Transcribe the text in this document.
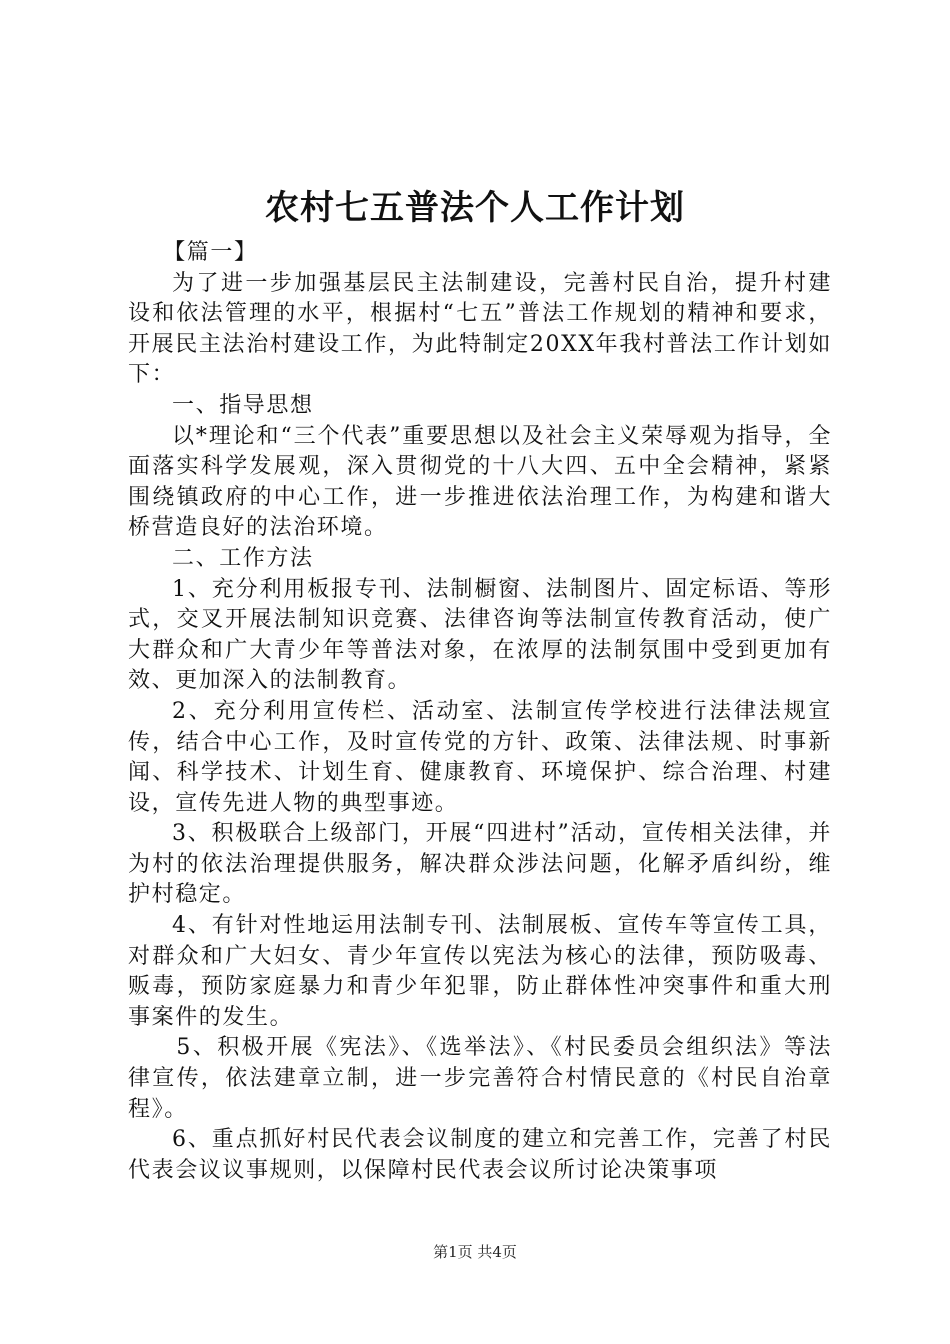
农村七五普法个人工作计划

【篇一】

为了进一步加强基层民主法制建设，完善村民自治，提升村建设和依法管理的水平，根据村“七五”普法工作规划的精神和要求，开展民主法治村建设工作，为此特制定20XX年我村普法工作计划如下：

一、指导思想

以*理论和“三个代表”重要思想以及社会主义荣辱观为指导，全面落实科学发展观，深入贯彻党的十八大四、五中全会精神，紧紧围绕镇政府的中心工作，进一步推进依法治理工作，为构建和谐大桥营造良好的法治环境。

二、工作方法

1、充分利用板报专刊、法制橱窗、法制图片、固定标语、等形式，交叉开展法制知识竞赛、法律咨询等法制宣传教育活动，使广大群众和广大青少年等普法对象，在浓厚的法制氛围中受到更加有效、更加深入的法制教育。

2、充分利用宣传栏、活动室、法制宣传学校进行法律法规宣传，结合中心工作，及时宣传党的方针、政策、法律法规、时事新闻、科学技术、计划生育、健康教育、环境保护、综合治理、村建设，宣传先进人物的典型事迹。

3、积极联合上级部门，开展“四进村”活动，宣传相关法律，并为村的依法治理提供服务，解决群众涉法问题，化解矛盾纠纷，维护村稳定。

4、有针对性地运用法制专刊、法制展板、宣传车等宣传工具，对群众和广大妇女、青少年宣传以宪法为核心的法律，预防吸毒、贩毒，预防家庭暴力和青少年犯罪，防止群体性冲突事件和重大刑事案件的发生。

5、积极开展《宪法》、《选举法》、《村民委员会组织法》等法律宣传，依法建章立制，进一步完善符合村情民意的《村民自治章程》。

6、重点抓好村民代表会议制度的建立和完善工作，完善了村民代表会议议事规则，以保障村民代表会议所讨论决策事项

第1页 共4页
